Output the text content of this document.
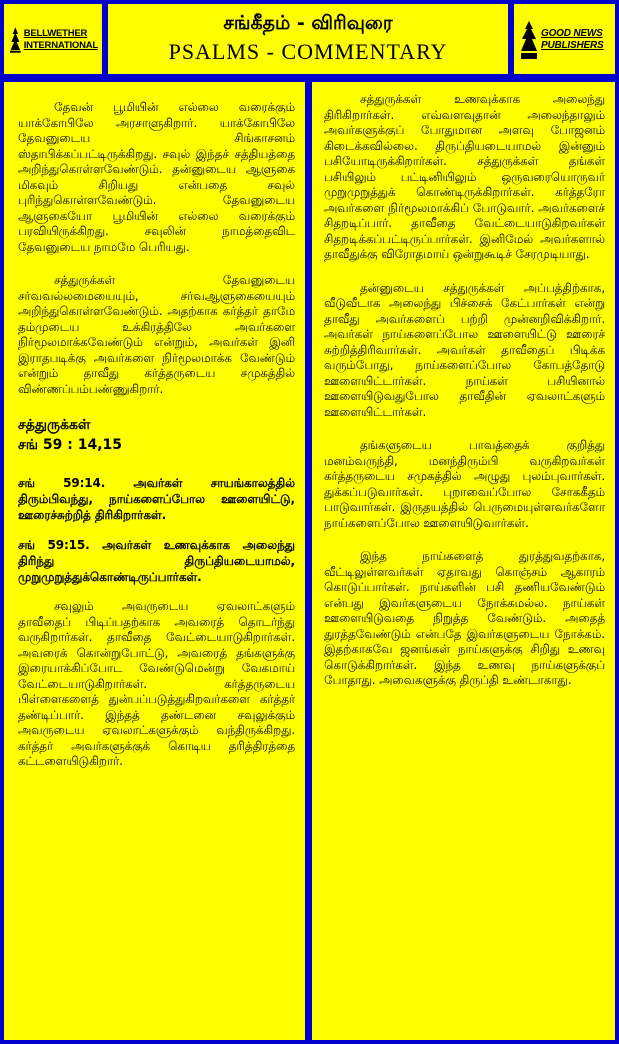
BELLWETHER
INTERNATIONAL
சங்கீதம் - விரிவுரை
PSALMS - COMMENTARY
GOOD NEWS
PUBLISHERS

தேவன் பூமியின் எல்லை வரைக்கும் யாக்கோபிலே அரசாளுகிறார். யாக்கோபிலே தேவனுடைய சிங்காசனம் ஸ்தாபிக்கப்பட்டிருக்கிறது. சவுல் இந்தச் சத்தியத்தை அறிந்துகொள்ளவேண்டும். தன்னுடைய ஆளுகை மிகவும் சிறியது என்பதை சவுல் புரிந்துகொள்ளவேண்டும். தேவனுடைய ஆளுகையோ பூமியின் எல்லை வரைக்கும் பரவியிருக்கிறது. சவுலின் நாமத்தைவிட தேவனுடைய நாமமே பெரியது.

சத்துருக்கள் தேவனுடைய சர்வவல்லமையையும், சர்வஆளுகையையும் அறிந்துகொள்ளவேண்டும். அதற்காக கர்த்தர் தாமே தம்முடைய உக்கிரத்திலே அவர்களை நிர்மூலமாக்கவேண்டும் என்றும், அவர்கள் இனி இராதபடிக்கு அவர்களை நிர்மூலமாக்க வேண்டும் என்றும் தாவீது கர்த்தருடைய சமுகத்தில் விண்ணப்பம்பண்ணுகிறார்.

சத்துருக்கள்
சங் 59 : 14,15

சங் 59:14. அவர்கள் சாயங்காலத்தில் திரும்பிவந்து, நாய்களைப்போல ஊளையிட்டு, ஊரைச்சுற்றித் திரிகிறார்கள்.

சங் 59:15. அவர்கள் உணவுக்காக அலைந்து திரிந்து திருப்தியடையாமல், முறுமுறுத்துக்கொண்டிருப்பார்கள்.

சவுலும் அவருடைய ஏவலாட்களும் தாவீதைப் பிடிப்பதற்காக அவரைத் தொடர்ந்து வருகிறார்கள். தாவீதை வேட்டையாடுகிறார்கள். அவரைக் கொன்றுபோட்டு, அவரைத் தங்களுக்கு இரையாக்கிப்போட வேண்டுமென்று வேகமாய் வேட்டையாடுகிறார்கள். கர்த்தருடைய பிள்ளைகளைத் துன்பப்படுத்துகிறவர்களை கர்த்தர் தண்டிப்பார். இந்தத் தண்டனை சவுலுக்கும் அவருடைய ஏவலாட்களுக்கும் வந்திருக்கிறது. கர்த்தர் அவர்களுக்குக் கொடிய தரித்திரத்தை கட்டளையிடுகிறார்.

சத்துருக்கள் உணவுக்காக அலைந்து திரிகிறார்கள். எவ்வளவுதான் அலைந்தாலும் அவர்களுக்குப் போதுமான அளவு போஜனம் கிடைக்கவில்லை. திருப்தியடையாமல் இன்னும் பசியோடிருக்கிறார்கள். சத்துருக்கள் தங்கள் பசியிலும் பட்டினியிலும் ஒருவரையொருவர் முறுமுறுத்துக் கொண்டிருக்கிறார்கள். கர்த்தரோ அவர்களை நிர்மூலமாக்கிப் போடுவார். அவர்களைச் சிதறடிப்பார். தாவீதை வேட்டையாடுகிறவர்கள் சிதறடிக்கப்பட்டிருப்பார்கள். இனிமேல் அவர்களால் தாவீதுக்கு விரோதமாய் ஒன்றுகூடிச் சேரமுடியாது.

தன்னுடைய சத்துருக்கள் அப்பத்திற்காக, வீடுவீடாக அலைந்து பிச்சைக் கேட்பார்கள் என்று தாவீது அவர்களைப் பற்றி முன்னறிவிக்கிறார். அவர்கள் நாய்களைப்போல ஊளையிட்டு ஊரைச் சுற்றித்திரிவார்கள். அவர்கள் தாவீதைப் பிடிக்க வரும்போது, நாய்களைப்போல கோபத்தோடு ஊளையிட்டார்கள். நாய்கள் பசியினால் ஊளையிடுவதுபோல தாவீதின் ஏவலாட்களும் ஊளையிட்டார்கள்.

தங்களுடைய பாவத்தைக் குறித்து மனம்வருந்தி, மனந்திரும்பி வருகிறவர்கள் கர்த்தருடைய சமுகத்தில் அழுது புலம்புவார்கள். துக்கப்படுவார்கள். புறாவைப்போல சோககீதம் பாடுவார்கள். இருதயத்தில் பெருமையுள்ளவர்களோ நாய்களைப்போல ஊளையிடுவார்கள்.

இந்த நாய்களைத் துரத்துவதற்காக, வீட்டிலுள்ளவர்கள் ஏதாவது கொஞ்சம் ஆகாரம் கொடுப்பார்கள். நாய்களின் பசி தணியவேண்டும் என்பது இவர்களுடைய நோக்கமல்ல. நாய்கள் ஊளையிடுவதை நிறுத்த வேண்டும். அதைத் துரத்தவேண்டும் என்பதே இவர்களுடைய நோக்கம். இதற்காகவே ஜனங்கள் நாய்களுக்கு சிறிது உணவு கொடுக்கிறார்கள். இந்த உணவு நாய்களுக்குப் போதாது. அவைகளுக்கு திருப்தி உண்டாகாது.
